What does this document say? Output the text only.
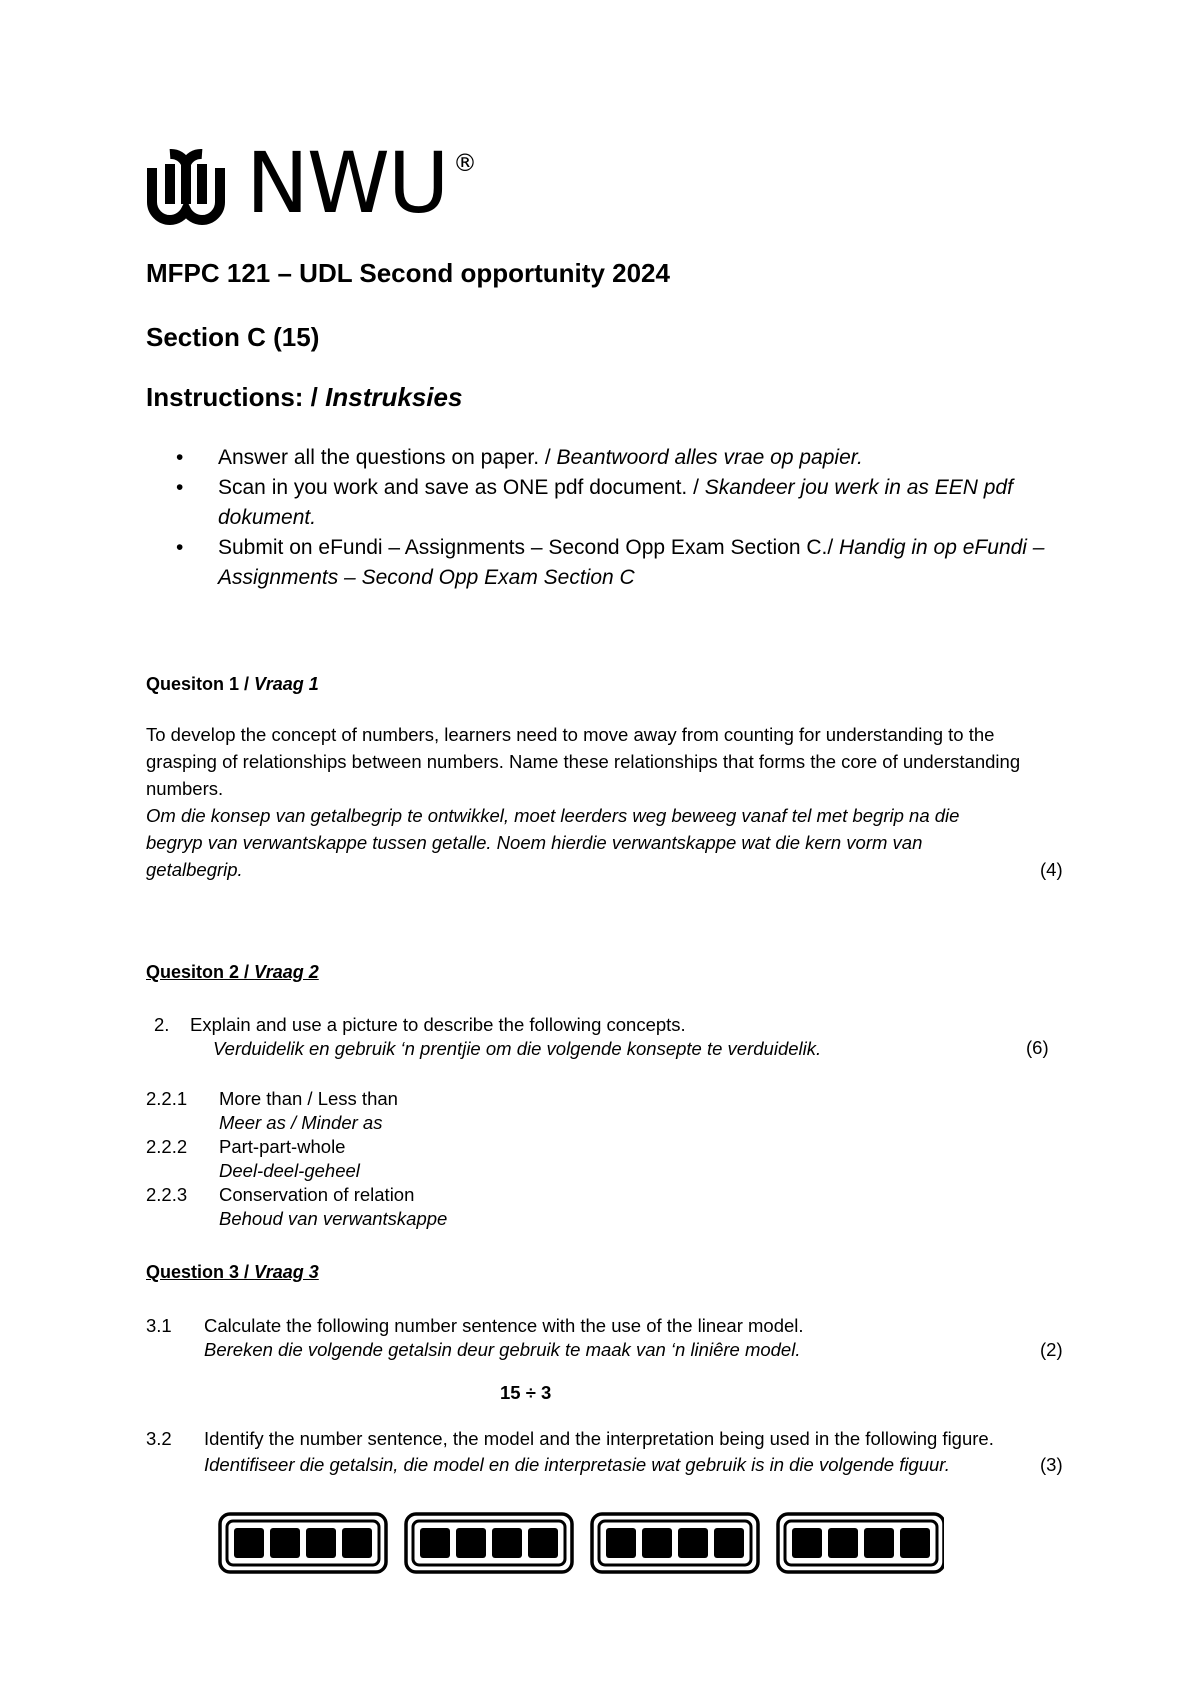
NWU ®
MFPC 121 – UDL Second opportunity 2024
Section C (15)
Instructions: / Instruksies
• Answer all the questions on paper. / Beantwoord alles vrae op papier.
• Scan in you work and save as ONE pdf document. / Skandeer jou werk in as EEN pdf dokument.
• Submit on eFundi – Assignments – Second Opp Exam Section C./ Handig in op eFundi – Assignments – Second Opp Exam Section C
Quesiton 1 / Vraag 1
To develop the concept of numbers, learners need to move away from counting for understanding to the grasping of relationships between numbers. Name these relationships that forms the core of understanding numbers.
Om die konsep van getalbegrip te ontwikkel, moet leerders weg beweeg vanaf tel met begrip na die begryp van verwantskappe tussen getalle. Noem hierdie verwantskappe wat die kern vorm van getalbegrip.	(4)
Quesiton 2 / Vraag 2
2. Explain and use a picture to describe the following concepts.
Verduidelik en gebruik ‘n prentjie om die volgende konsepte te verduidelik.	(6)
2.2.1 More than / Less than
Meer as / Minder as
2.2.2 Part-part-whole
Deel-deel-geheel
2.2.3 Conservation of relation
Behoud van verwantskappe
Question 3 / Vraag 3
3.1 Calculate the following number sentence with the use of the linear model.
Bereken die volgende getalsin deur gebruik te maak van ‘n liniêre model.	(2)
15 ÷ 3
3.2 Identify the number sentence, the model and the interpretation being used in the following figure.
Identifiseer die getalsin, die model en die interpretasie wat gebruik is in die volgende figuur.	(3)
